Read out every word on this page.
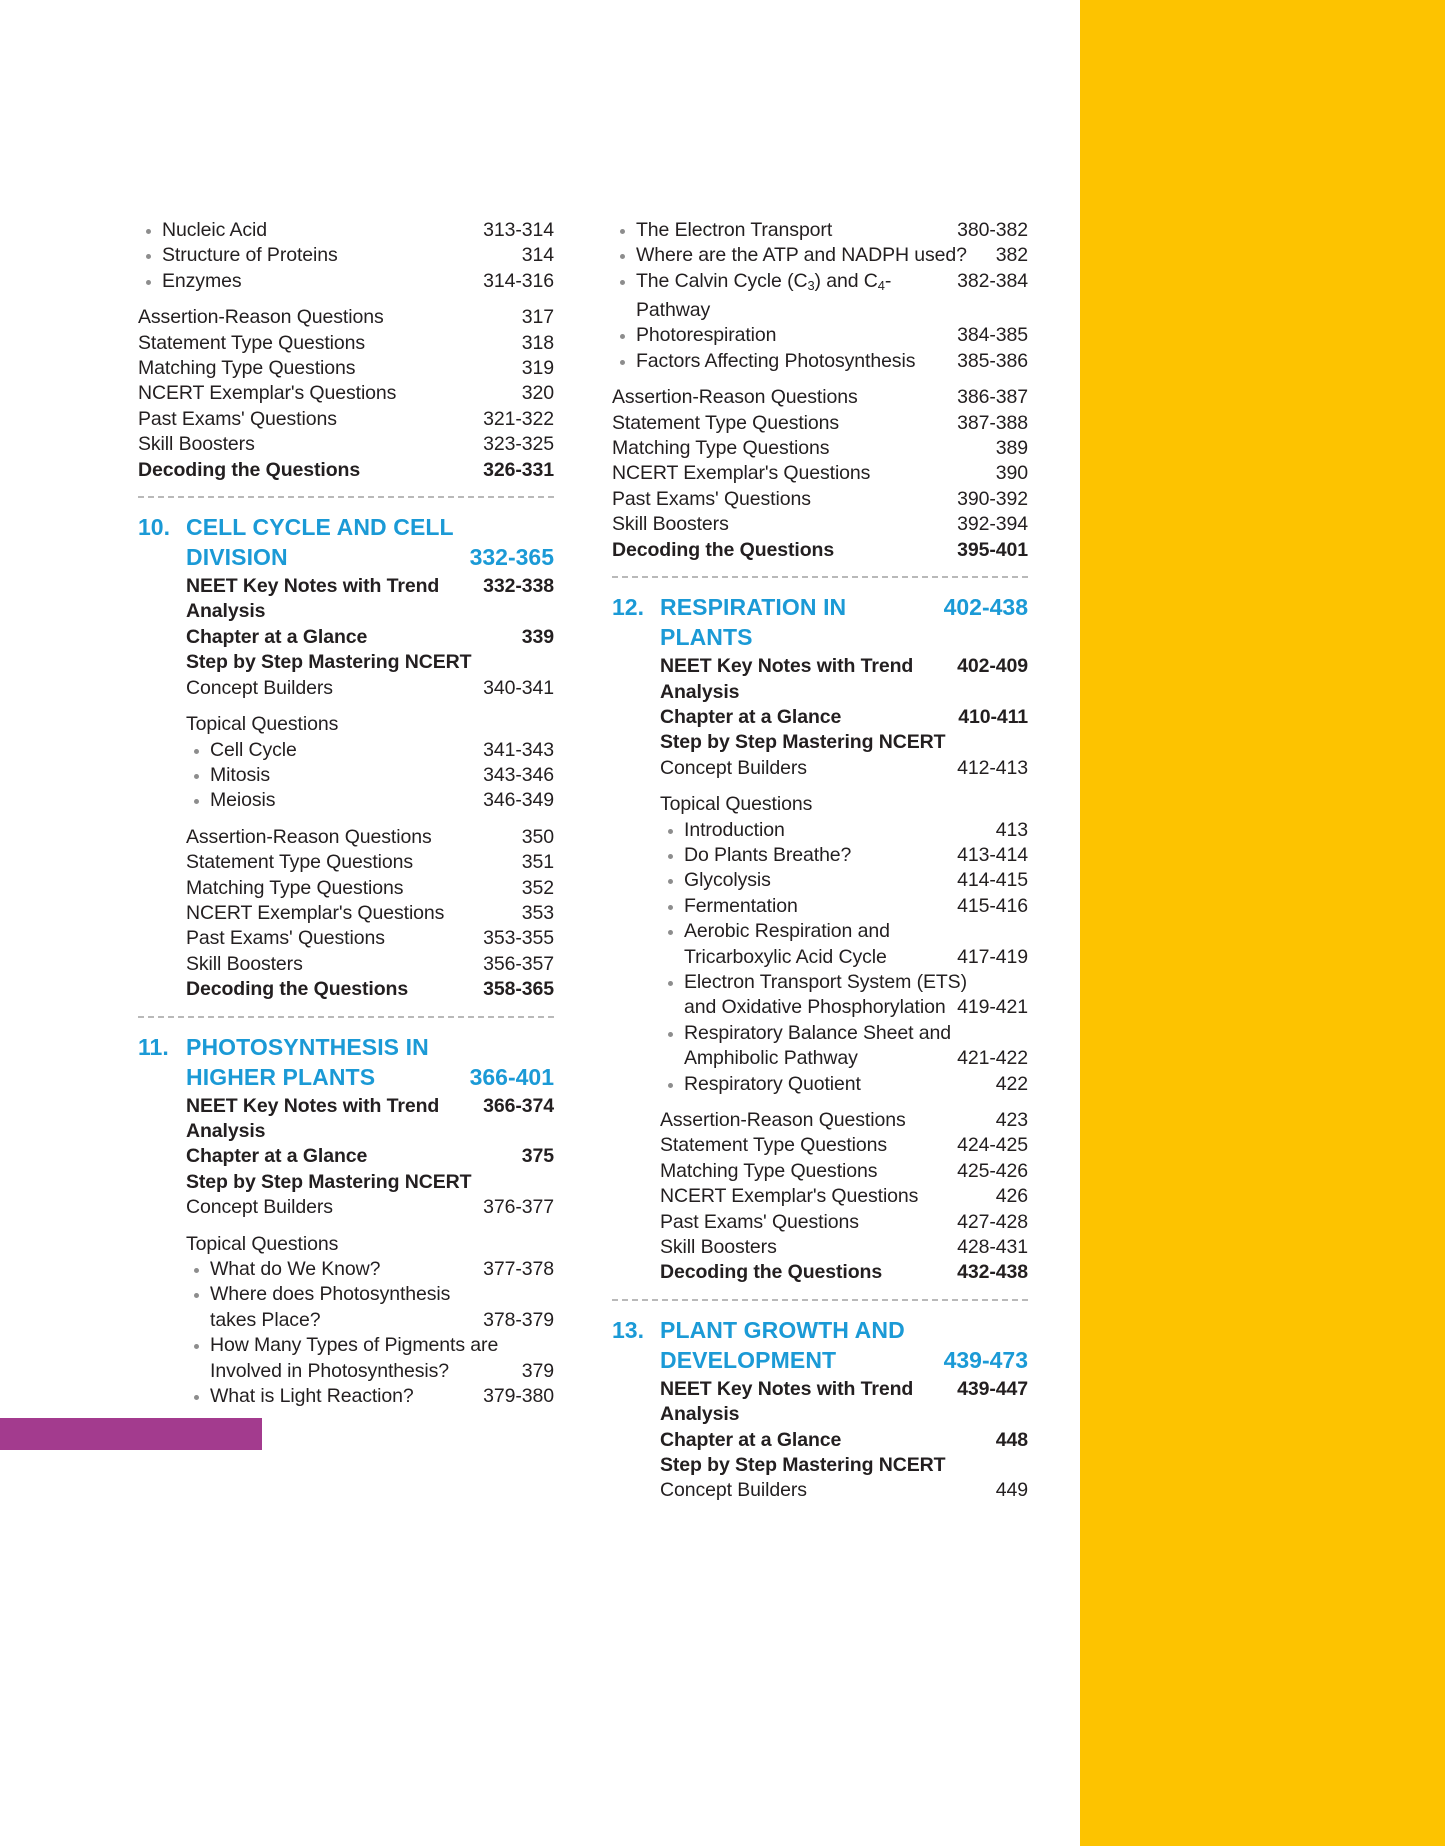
Nucleic Acid	313-314
Structure of Proteins	314
Enzymes	314-316
Assertion-Reason Questions	317
Statement Type Questions	318
Matching Type Questions	319
NCERT Exemplar's Questions	320
Past Exams' Questions	321-322
Skill Boosters	323-325
Decoding the Questions	326-331
10. CELL CYCLE AND CELL
DIVISION	332-365
NEET Key Notes with Trend Analysis
332-338
Chapter at a Glance	339
Step by Step Mastering NCERT
Concept Builders	340-341
Topical Questions
Cell Cycle	341-343
Mitosis	343-346
Meiosis	346-349
Assertion-Reason Questions	350
Statement Type Questions	351
Matching Type Questions	352
NCERT Exemplar's Questions	353
Past Exams' Questions	353-355
Skill Boosters	356-357
Decoding the Questions	358-365
11. PHOTOSYNTHESIS IN
HIGHER PLANTS	366-401
NEET Key Notes with Trend Analysis
366-374
Chapter at a Glance	375
Step by Step Mastering NCERT
Concept Builders	376-377
Topical Questions
What do We Know?	377-378
Where does Photosynthesis
takes Place?	378-379
How Many Types of Pigments are
Involved in Photosynthesis?	379
What is Light Reaction?	379-380
The Electron Transport	380-382
Where are the ATP and NADPH used?	382
The Calvin Cycle $(C_3)$ and $C_4$-Pathway
382-384
Photorespiration	384-385
Factors Affecting Photosynthesis	385-386
Assertion-Reason Questions	386-387
Statement Type Questions	387-388
Matching Type Questions	389
NCERT Exemplar's Questions	390
Past Exams' Questions	390-392
Skill Boosters	392-394
Decoding the Questions	395-401
12. RESPIRATION IN PLANTS
402-438
NEET Key Notes with Trend Analysis
402-409
Chapter at a Glance	410-411
Step by Step Mastering NCERT
Concept Builders	412-413
Topical Questions
Introduction	413
Do Plants Breathe?	413-414
Glycolysis	414-415
Fermentation	415-416
Aerobic Respiration and
Tricarboxylic Acid Cycle	417-419
Electron Transport System (ETS)
and Oxidative Phosphorylation 419-421
Respiratory Balance Sheet and
Amphibolic Pathway	421-422
Respiratory Quotient	422
Assertion-Reason Questions	423
Statement Type Questions	424-425
Matching Type Questions	425-426
NCERT Exemplar's Questions	426
Past Exams' Questions	427-428
Skill Boosters	428-431
Decoding the Questions	432-438
13. PLANT GROWTH AND
DEVELOPMENT	439-473
NEET Key Notes with Trend Analysis
439-447
Chapter at a Glance	448
Step by Step Mastering NCERT
Concept Builders	449
